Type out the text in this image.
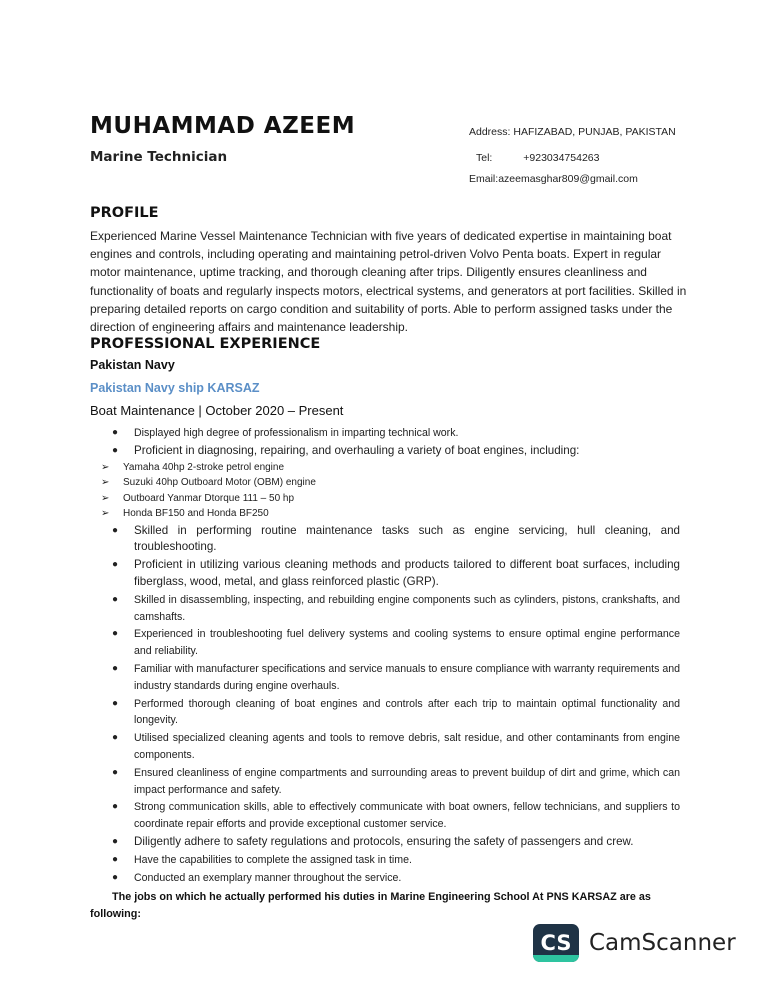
MUHAMMAD AZEEM
Marine Technician
Address: HAFIZABAD, PUNJAB, PAKISTAN
Tel:	+923034754263
Email:azeemasghar809@gmail.com
PROFILE
Experienced Marine Vessel Maintenance Technician with five years of dedicated expertise in maintaining boat engines and controls, including operating and maintaining petrol-driven Volvo Penta boats. Expert in regular motor maintenance, uptime tracking, and thorough cleaning after trips. Diligently ensures cleanliness and functionality of boats and regularly inspects motors, electrical systems, and generators at port facilities. Skilled in preparing detailed reports on cargo condition and suitability of ports. Able to perform assigned tasks under the direction of engineering affairs and maintenance leadership.
PROFESSIONAL EXPERIENCE
Pakistan Navy
Pakistan Navy ship KARSAZ
Boat Maintenance | October 2020 – Present
● Displayed high degree of professionalism in imparting technical work.
● Proficient in diagnosing, repairing, and overhauling a variety of boat engines, including:
➢ Yamaha 40hp 2-stroke petrol engine
➢ Suzuki 40hp Outboard Motor (OBM) engine
➢ Outboard Yanmar Dtorque 111 – 50 hp
➢ Honda BF150 and Honda BF250
● Skilled in performing routine maintenance tasks such as engine servicing, hull cleaning, and troubleshooting.
● Proficient in utilizing various cleaning methods and products tailored to different boat surfaces, including fiberglass, wood, metal, and glass reinforced plastic (GRP).
● Skilled in disassembling, inspecting, and rebuilding engine components such as cylinders, pistons, crankshafts, and camshafts.
● Experienced in troubleshooting fuel delivery systems and cooling systems to ensure optimal engine performance and reliability.
● Familiar with manufacturer specifications and service manuals to ensure compliance with warranty requirements and industry standards during engine overhauls.
● Performed thorough cleaning of boat engines and controls after each trip to maintain optimal functionality and longevity.
● Utilised specialized cleaning agents and tools to remove debris, salt residue, and other contaminants from engine components.
● Ensured cleanliness of engine compartments and surrounding areas to prevent buildup of dirt and grime, which can impact performance and safety.
● Strong communication skills, able to effectively communicate with boat owners, fellow technicians, and suppliers to coordinate repair efforts and provide exceptional customer service.
● Diligently adhere to safety regulations and protocols, ensuring the safety of passengers and crew.
● Have the capabilities to complete the assigned task in time.
● Conducted an exemplary manner throughout the service.
The jobs on which he actually performed his duties in Marine Engineering School At PNS KARSAZ are as following:
CS CamScanner
